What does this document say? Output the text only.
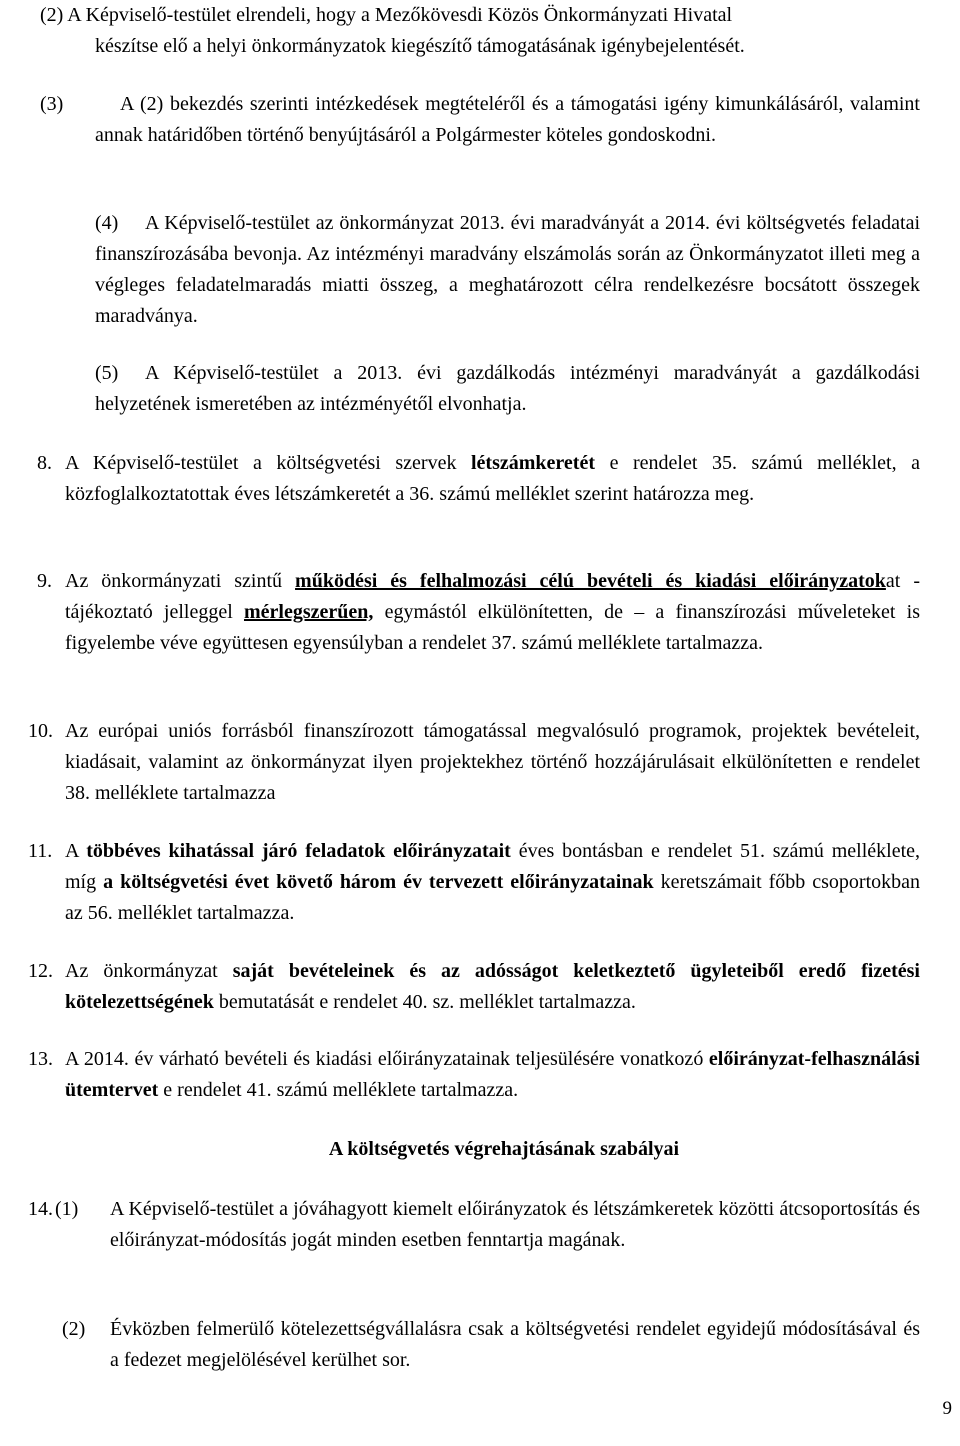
(2) A Képviselő-testület elrendeli, hogy a Mezőkövesdi Közös Önkormányzati Hivatal
készítse elő a helyi önkormányzatok kiegészítő támogatásának igénybejelentését.
(3)	A (2) bekezdés szerinti intézkedések megtételéről és a támogatási igény kimunkálásáról, valamint annak határidőben történő benyújtásáról a Polgármester köteles gondoskodni.
(4)	A Képviselő-testület az önkormányzat 2013. évi maradványát a 2014. évi költségvetés feladatai finanszírozásába bevonja. Az intézményi maradvány elszámolás során az Önkormányzatot illeti meg a végleges feladatelmaradás miatti összeg, a meghatározott célra rendelkezésre bocsátott összegek maradványa.
(5)	A Képviselő-testület a 2013. évi gazdálkodás intézményi maradványát a gazdálkodási helyzetének ismeretében az intézményétől elvonhatja.
8. A Képviselő-testület a költségvetési szervek létszámkeretét e rendelet 35. számú melléklet, a közfoglalkoztatottak éves létszámkeretét a 36. számú melléklet szerint határozza meg.
9. Az önkormányzati szintű működési és felhalmozási célú bevételi és kiadási előirányzatokat - tájékoztató jelleggel mérlegszerűen, egymástól elkülönítetten, de – a finanszírozási műveleteket is figyelembe véve együttesen egyensúlyban a rendelet 37. számú melléklete tartalmazza.
10. Az európai uniós forrásból finanszírozott támogatással megvalósuló programok, projektek bevételeit, kiadásait, valamint az önkormányzat ilyen projektekhez történő hozzájárulásait elkülönítetten e rendelet 38. melléklete tartalmazza
11. A többéves kihatással járó feladatok előirányzatait éves bontásban e rendelet 51. számú melléklete, míg a költségvetési évet követő három év tervezett előirányzatainak keretszámait főbb csoportokban az 56. melléklet tartalmazza.
12. Az önkormányzat saját bevételeinek és az adósságot keletkeztető ügyleteiből eredő fizetési kötelezettségének bemutatását e rendelet 40. sz. melléklet tartalmazza.
13. A 2014. év várható bevételi és kiadási előirányzatainak teljesülésére vonatkozó előirányzat-felhasználási ütemtervet e rendelet 41. számú melléklete tartalmazza.
A költségvetés végrehajtásának szabályai
14. (1) A Képviselő-testület a jóváhagyott kiemelt előirányzatok és létszámkeretek közötti átcsoportosítás és előirányzat-módosítás jogát minden esetben fenntartja magának.
(2) Évközben felmerülő kötelezettségvállalásra csak a költségvetési rendelet egyidejű módosításával és a fedezet megjelölésével kerülhet sor.
9
